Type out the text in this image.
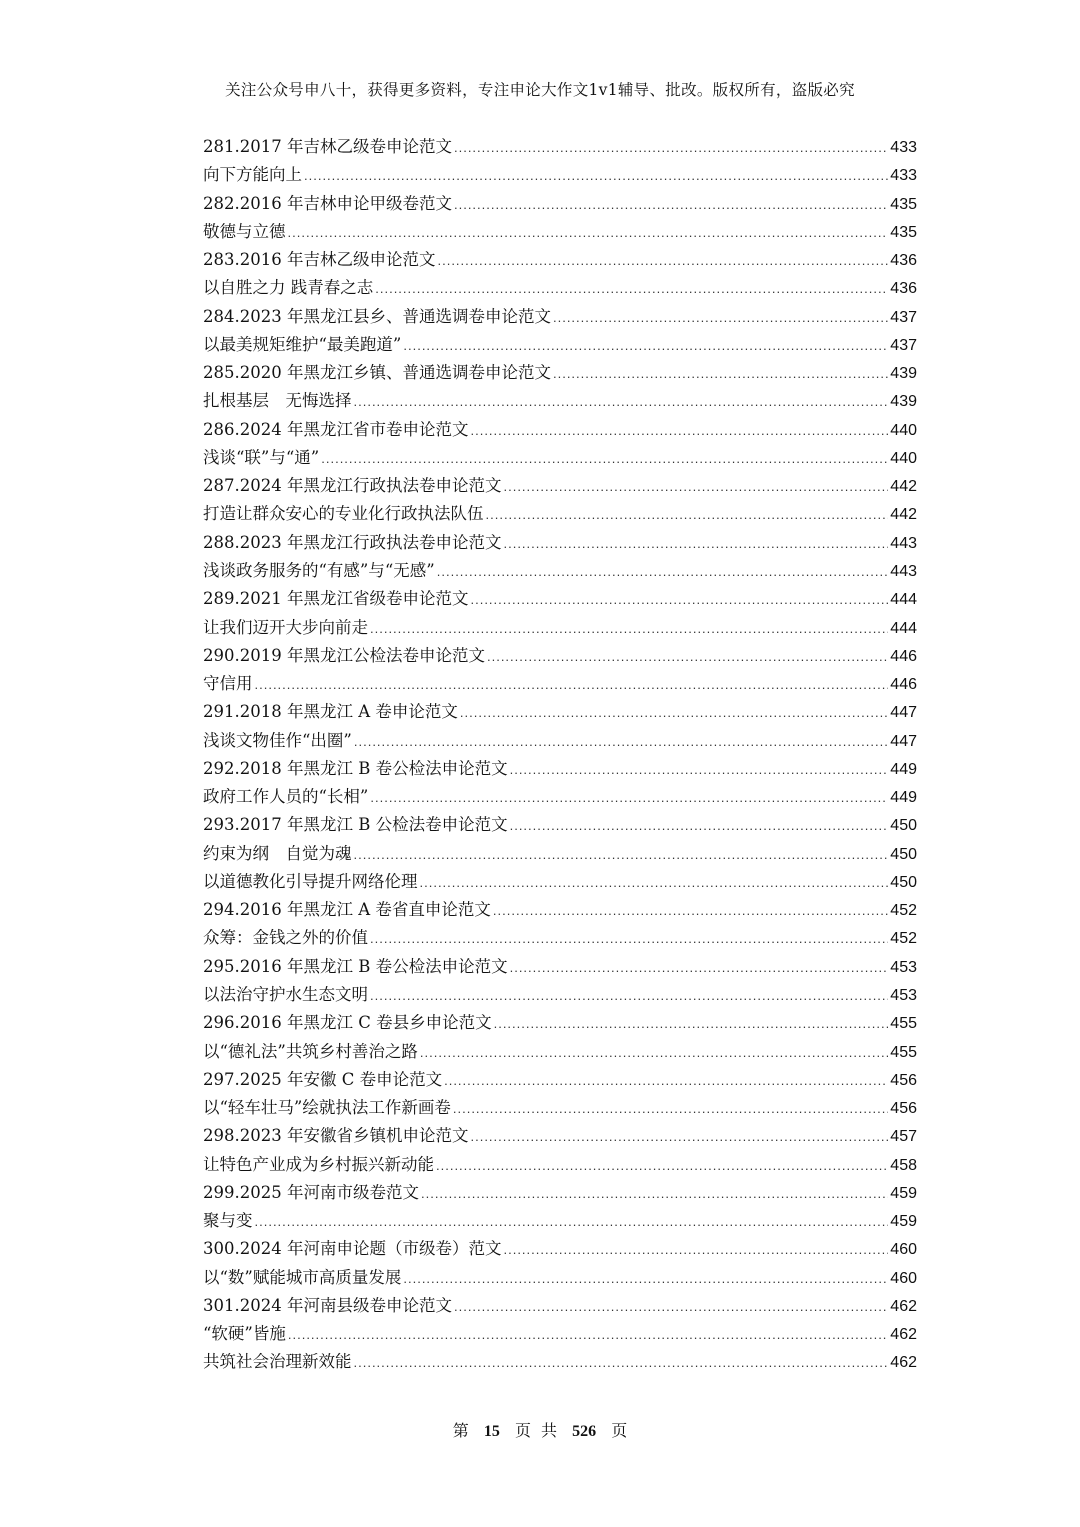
关注公众号申八十，获得更多资料，专注申论大作文1v1辅导、批改。版权所有，盗版必究
281.2017 年吉林乙级卷申论范文 .....	433
向下方能向上 .....	433
282.2016 年吉林申论甲级卷范文 .....	435
敬德与立德 .....	435
283.2016 年吉林乙级申论范文 .....	436
以自胜之力 践青春之志 .....	436
284.2023 年黑龙江县乡、普通选调卷申论范文 .....	437
以最美规矩维护“最美跑道” .....	437
285.2020 年黑龙江乡镇、普通选调卷申论范文 .....	439
扎根基层　无悔选择 .....	439
286.2024 年黑龙江省市卷申论范文 .....	440
浅谈“联”与“通” .....	440
287.2024 年黑龙江行政执法卷申论范文 .....	442
打造让群众安心的专业化行政执法队伍 .....	442
288.2023 年黑龙江行政执法卷申论范文 .....	443
浅谈政务服务的“有感”与“无感” .....	443
289.2021 年黑龙江省级卷申论范文 .....	444
让我们迈开大步向前走 .....	444
290.2019 年黑龙江公检法卷申论范文 .....	446
守信用 .....	446
291.2018 年黑龙江 A 卷申论范文 .....	447
浅谈文物佳作“出圈” .....	447
292.2018 年黑龙江 B 卷公检法申论范文 .....	449
政府工作人员的“长相” .....	449
293.2017 年黑龙江 B 公检法卷申论范文 .....	450
约束为纲　自觉为魂 .....	450
以道德教化引导提升网络伦理 .....	450
294.2016 年黑龙江 A 卷省直申论范文 .....	452
众筹：金钱之外的价值 .....	452
295.2016 年黑龙江 B 卷公检法申论范文 .....	453
以法治守护水生态文明 .....	453
296.2016 年黑龙江 C 卷县乡申论范文 .....	455
以“德礼法”共筑乡村善治之路 .....	455
297.2025 年安徽 C 卷申论范文 .....	456
以“轻车壮马”绘就执法工作新画卷 .....	456
298.2023 年安徽省乡镇机申论范文 .....	457
让特色产业成为乡村振兴新动能 .....	458
299.2025 年河南市级卷范文 .....	459
聚与变 .....	459
300.2024 年河南申论题（市级卷）范文 .....	460
以“数”赋能城市高质量发展 .....	460
301.2024 年河南县级卷申论范文 .....	462
“软硬”皆施 .....	462
共筑社会治理新效能 .....	462
第 15 页 共 526 页
